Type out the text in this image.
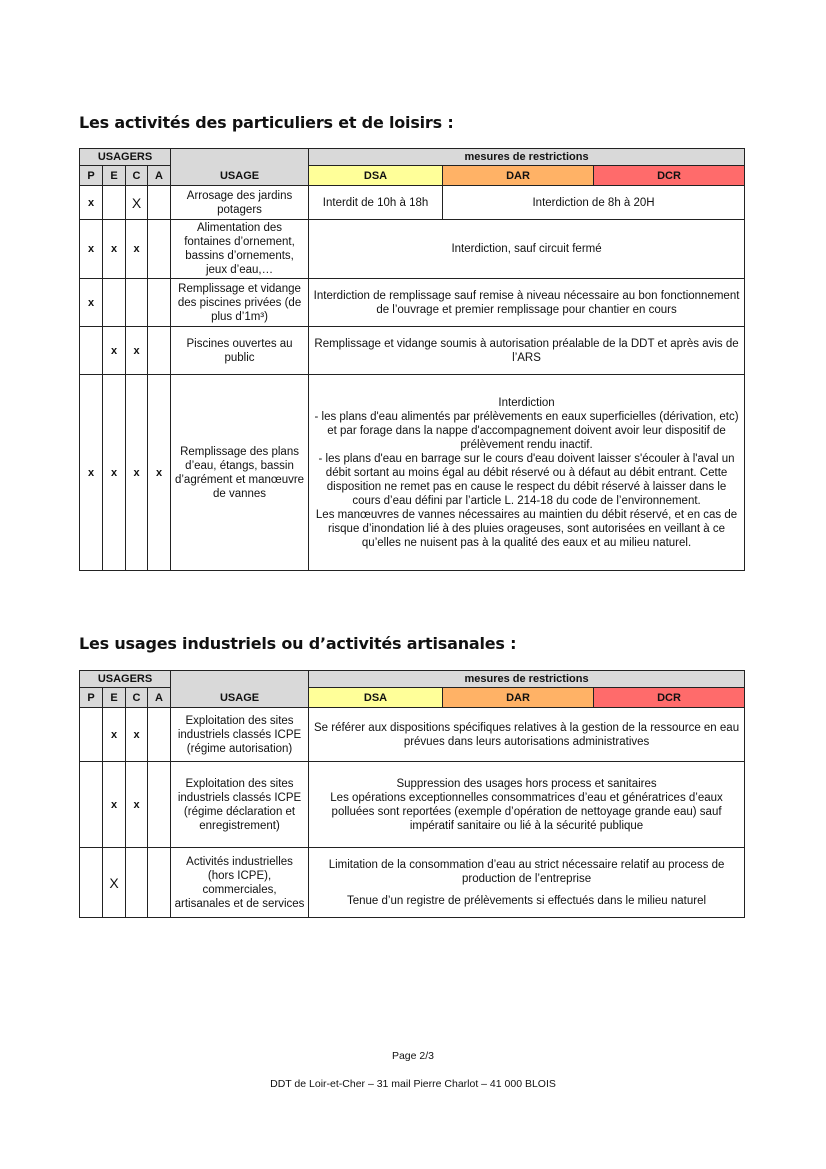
Les activités des particuliers et de loisirs :
USAGERS				USAGE	mesures de restrictions		
P	E	C	A		DSA	DAR	DCR
x		X		Arrosage des jardins potagers	Interdit de 10h à 18h	Interdiction de 8h à 20H	
x	x	x		Alimentation des fontaines d’ornement, bassins d’ornements, jeux d’eau,…	Interdiction, sauf circuit fermé		
x				Remplissage et vidange des piscines privées (de plus d’1m³)	Interdiction de remplissage sauf remise à niveau nécessaire au bon fonctionnement de l’ouvrage et premier remplissage pour chantier en cours		
	x	x		Piscines ouvertes au public	Remplissage et vidange soumis à autorisation préalable de la DDT et après avis de l’ARS		
x	x	x	x	Remplissage des plans d’eau, étangs, bassin d’agrément et manœuvre de vannes	Interdiction
- les plans d'eau alimentés par prélèvements en eaux superficielles (dérivation, etc) et par forage dans la nappe d'accompagnement doivent avoir leur dispositif de prélèvement rendu inactif.
- les plans d'eau en barrage sur le cours d'eau doivent laisser s'écouler à l'aval un débit sortant au moins égal au débit réservé ou à défaut au débit entrant. Cette disposition ne remet pas en cause le respect du débit réservé à laisser dans le cours d’eau défini par l’article L. 214-18 du code de l’environnement.
Les manœuvres de vannes nécessaires au maintien du débit réservé, et en cas de risque d’inondation lié à des pluies orageuses, sont autorisées en veillant à ce qu’elles ne nuisent pas à la qualité des eaux et au milieu naturel.		
Les usages industriels ou d’activités artisanales :
USAGERS				USAGE	mesures de restrictions		
P	E	C	A		DSA	DAR	DCR
	x	x		Exploitation des sites industriels classés ICPE (régime autorisation)	Se référer aux dispositions spécifiques relatives à la gestion de la ressource en eau prévues dans leurs autorisations administratives		
	x	x		Exploitation des sites industriels classés ICPE (régime déclaration et enregistrement)	Suppression des usages hors process et sanitaires
Les opérations exceptionnelles consommatrices d’eau et génératrices d’eaux polluées sont reportées (exemple d’opération de nettoyage grande eau) sauf impératif sanitaire ou lié à la sécurité publique		

	X			Activités industrielles (hors ICPE), commerciales, artisanales et de services	Limitation de la consommation d’eau au strict nécessaire relatif au process de production de l’entreprise
Tenue d’un registre de prélèvements si effectués dans le milieu naturel		
Page 2/3
DDT de Loir-et-Cher – 31 mail Pierre Charlot – 41 000 BLOIS
